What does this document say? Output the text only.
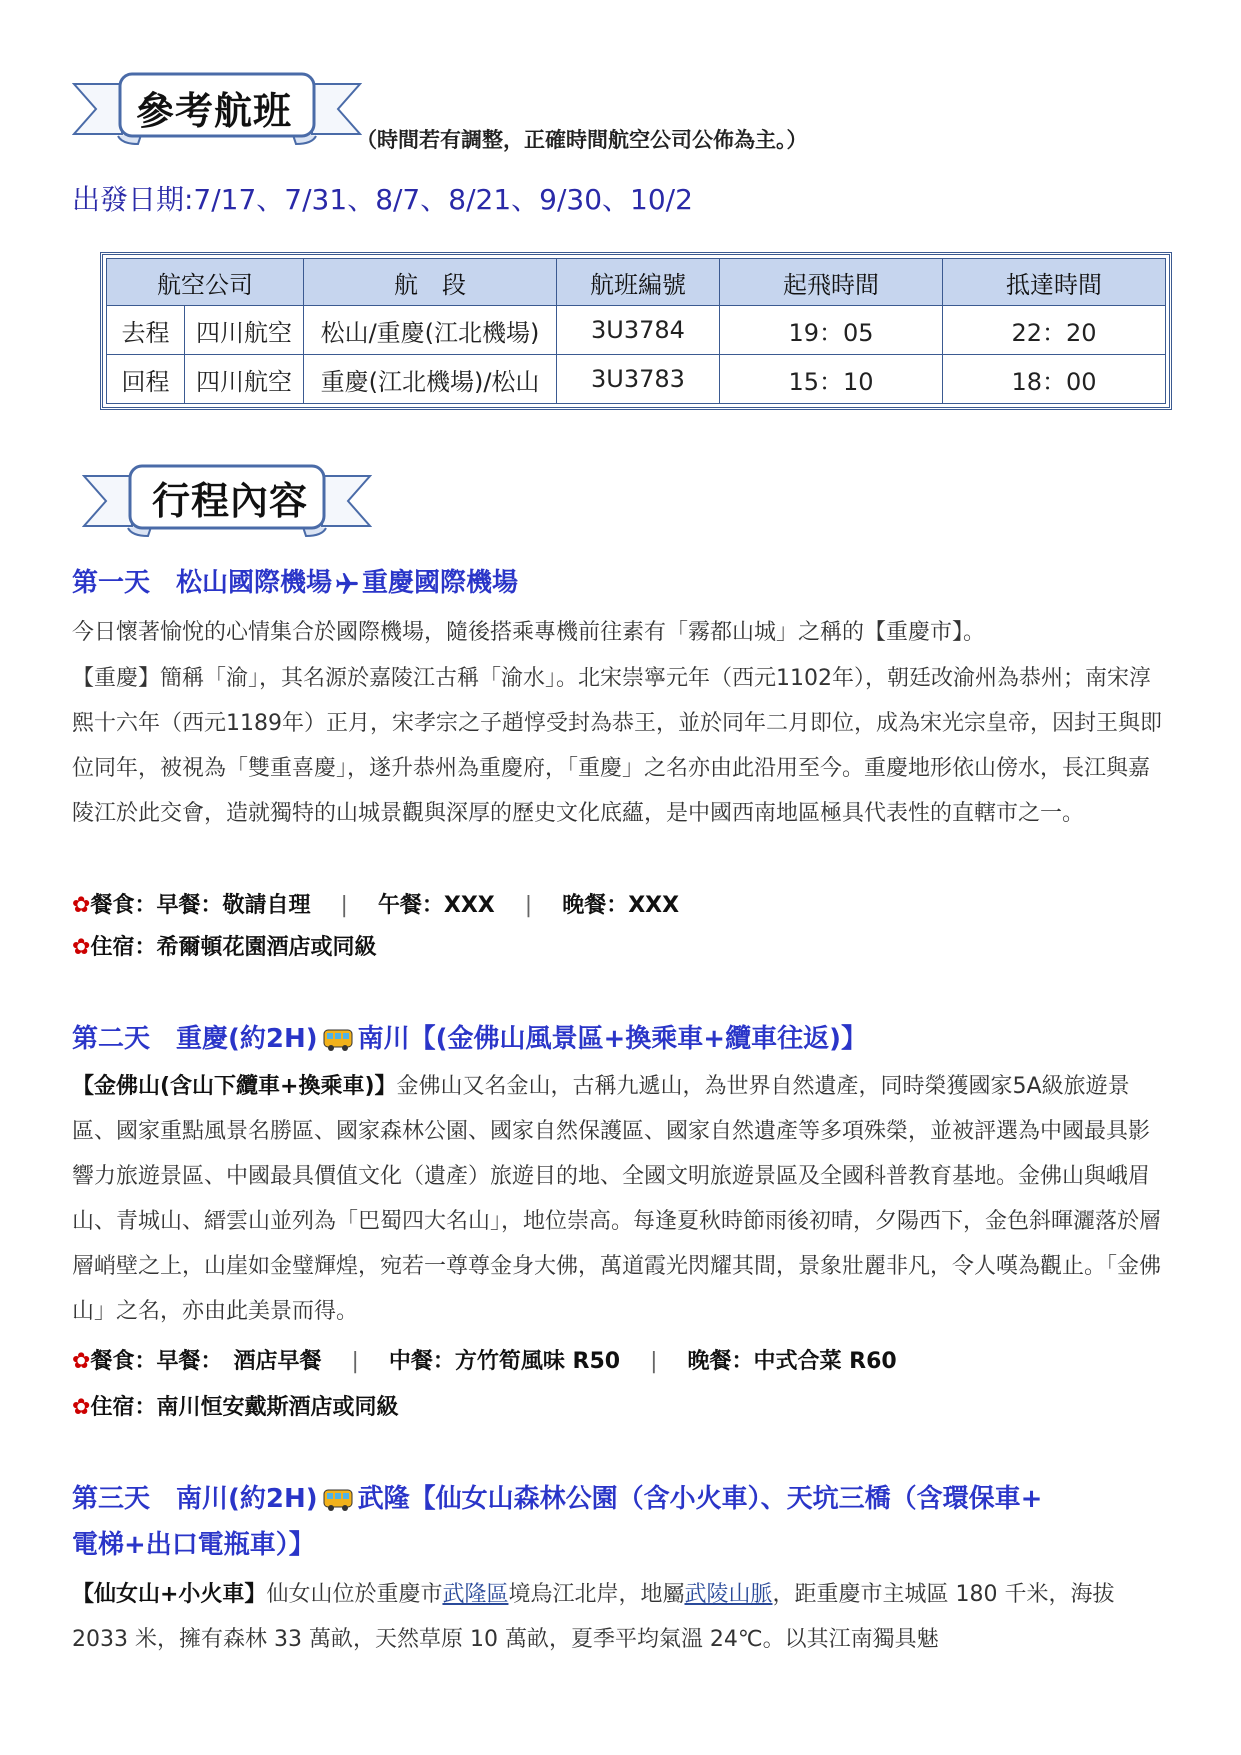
參考航班
（時間若有調整，正確時間航空公司公佈為主。）
出發日期:7/17、7/31、8/7、8/21、9/30、10/2
航空公司		航　段	航班編號	起飛時間	抵達時間
去程	四川航空	松山/重慶(江北機場)	3U3784	19：05	22：20
回程	四川航空	重慶(江北機場)/松山	3U3783	15：10	18：00
行程內容
第一天　 松山國際機場 重慶國際機場
今日懷著愉悅的心情集合於國際機場，隨後搭乘專機前往素有「霧都山城」之稱的【重慶市】。
【重慶】簡稱「渝」，其名源於嘉陵江古稱「渝水」。北宋崇寧元年（西元1102年），朝廷改渝州為恭州；南宋淳熙十六年（西元1189年）正月，宋孝宗之子趙惇受封為恭王，並於同年二月即位，成為宋光宗皇帝，因封王與即位同年，被視為「雙重喜慶」，遂升恭州為重慶府，「重慶」之名亦由此沿用至今。重慶地形依山傍水，長江與嘉陵江於此交會，造就獨特的山城景觀與深厚的歷史文化底蘊，是中國西南地區極具代表性的直轄市之一。
✿餐食：早餐：敬請自理 | 午餐：XXX | 晚餐：XXX
✿住宿：希爾頓花園酒店或同級
第二天　重慶(約2H) 南川【(金佛山風景區+換乘車+纜車往返)】
【金佛山(含山下纜車+換乘車)】金佛山又名金山，古稱九遞山，為世界自然遺產，同時榮獲國家5A級旅遊景區、國家重點風景名勝區、國家森林公園、國家自然保護區、國家自然遺產等多項殊榮，並被評選為中國最具影響力旅遊景區、中國最具價值文化（遺產）旅遊目的地、全國文明旅遊景區及全國科普教育基地。金佛山與峨眉山、青城山、縉雲山並列為「巴蜀四大名山」，地位崇高。每逢夏秋時節雨後初晴，夕陽西下，金色斜暉灑落於層層峭壁之上，山崖如金璧輝煌，宛若一尊尊金身大佛，萬道霞光閃耀其間，景象壯麗非凡，令人嘆為觀止。「金佛山」之名，亦由此美景而得。
✿餐食：早餐：　酒店早餐 | 中餐：方竹筍風味 R50 | 晚餐：中式合菜 R60
✿住宿：南川恒安戴斯酒店或同級
第三天　南川(約2H) 武隆【仙女山森林公園（含小火車）、天坑三橋（含環保車+
電梯+出口電瓶車）】
【仙女山+小火車】仙女山位於重慶市武隆區境烏江北岸，地屬武陵山脈，距重慶市主城區 180 千米，海拔2033 米，擁有森林 33 萬畝，天然草原 10 萬畝，夏季平均氣溫 24℃。以其江南獨具魅
